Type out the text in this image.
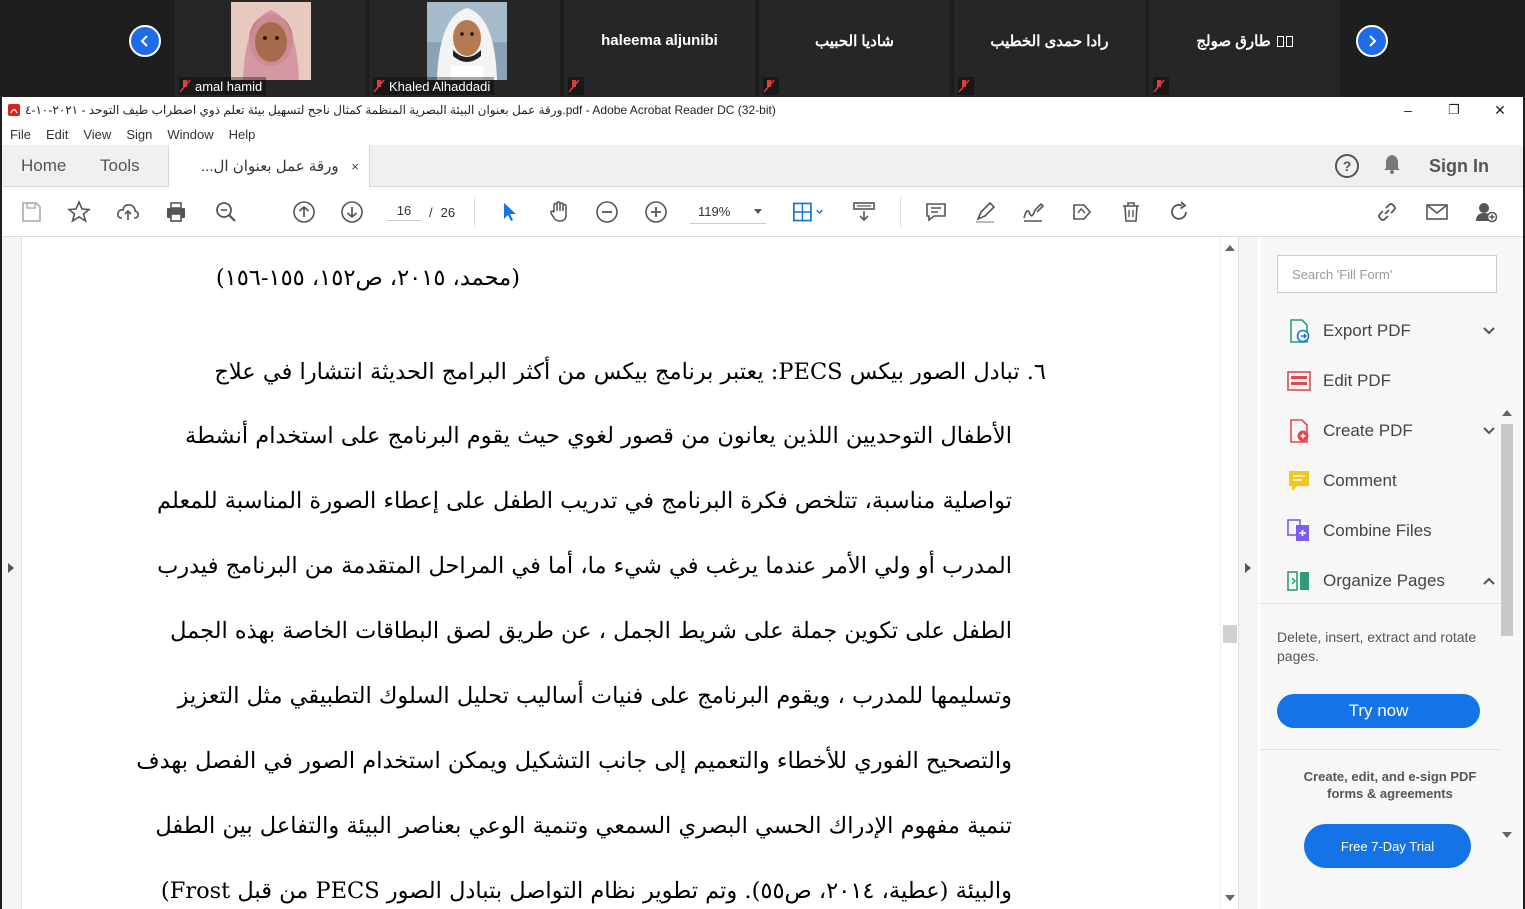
amal hamid	Khaled Alhaddadi
haleema aljunibi	شاديا الحبيب	رادا حمدى الخطيب	طارق صولج
ورقة عمل بعنوان البيئة البصرية المنظمة كمثال ناجح لتسهيل بيئة تعلم ذوي اضطراب طيف التوحد - ٢٠٢١-١٠-٤.pdf - Adobe Acrobat Reader DC (32-bit)	–	❐	✕
File Edit View Sign Window Help
Home Tools	ورقة عمل بعنوان ال... ×	?	Sign In
16	/ 26	119%
(محمد، ٢٠١٥، ص١٥٢، ١٥٥-١٥٦)
٦. تبادل الصور بيكس PECS: يعتبر برنامج بيكس من أكثر البرامج الحديثة انتشارا في علاج
الأطفال التوحديين اللذين يعانون من قصور لغوي حيث يقوم البرنامج على استخدام أنشطة
تواصلية مناسبة، تتلخص فكرة البرنامج في تدريب الطفل على إعطاء الصورة المناسبة للمعلم
المدرب أو ولي الأمر عندما يرغب في شيء ما، أما في المراحل المتقدمة من البرنامج فيدرب
الطفل على تكوين جملة على شريط الجمل ، عن طريق لصق البطاقات الخاصة بهذه الجمل
وتسليمها للمدرب ، ويقوم البرنامج على فنيات أساليب تحليل السلوك التطبيقي مثل التعزيز
والتصحيح الفوري للأخطاء والتعميم إلى جانب التشكيل ويمكن استخدام الصور في الفصل بهدف
تنمية مفهوم الإدراك الحسي البصري السمعي وتنمية الوعي بعناصر البيئة والتفاعل بين الطفل
والبيئة (عطية، ٢٠١٤، ص٥٥). وتم تطوير نظام التواصل بتبادل الصور PECS من قبل Frost)
Search 'Fill Form'
Export PDF
Edit PDF
Create PDF
Comment
Combine Files
Organize Pages
Delete, insert, extract and rotate pages.
Try now
Create, edit, and e-sign PDF forms & agreements
Free 7-Day Trial
